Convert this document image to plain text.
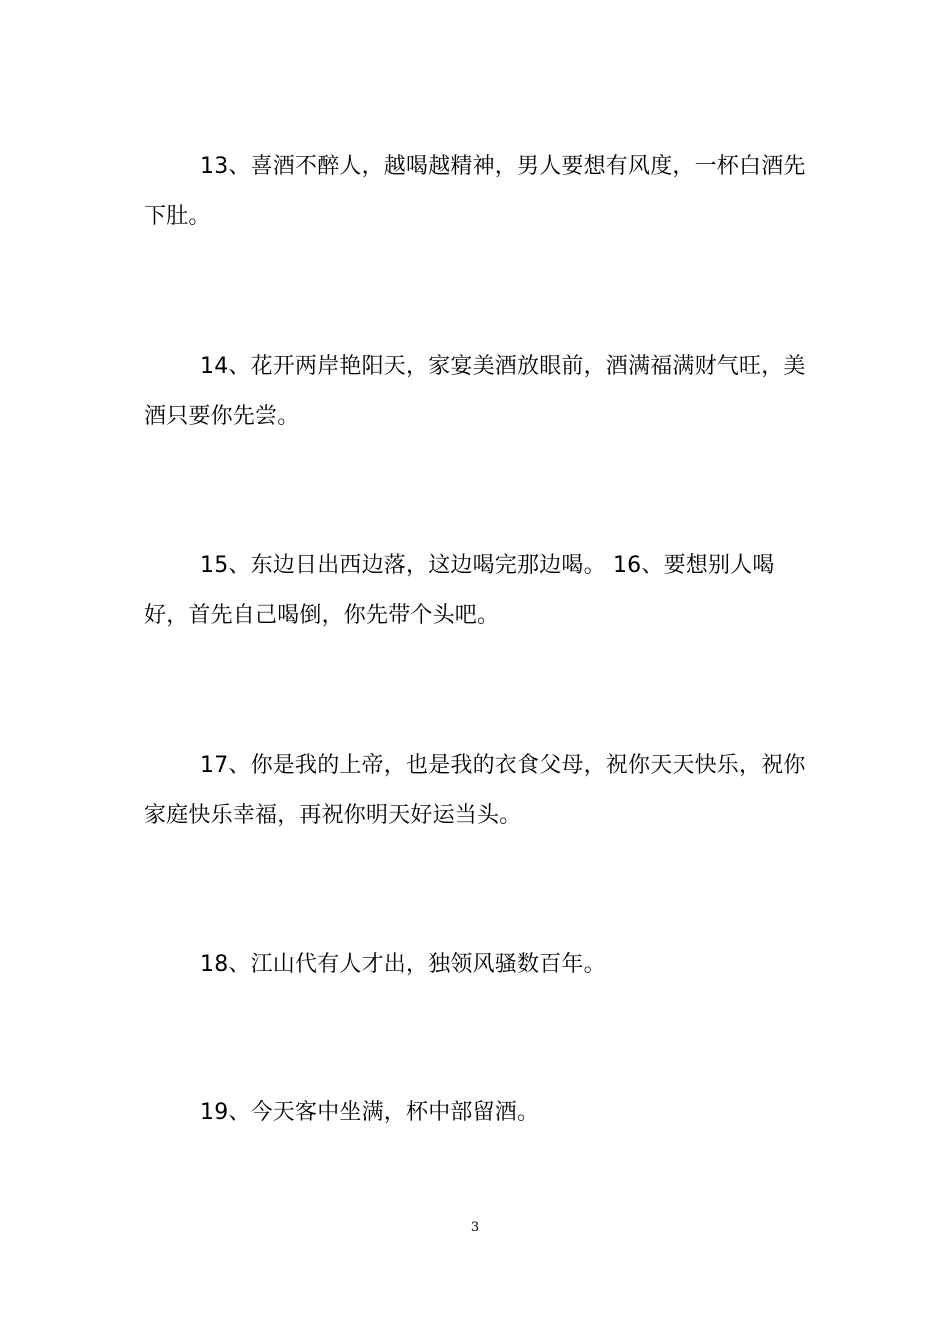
13、喜酒不醉人，越喝越精神，男人要想有风度，一杯白酒先下肚。

14、花开两岸艳阳天，家宴美酒放眼前，酒满福满财气旺，美酒只要你先尝。

15、东边日出西边落，这边喝完那边喝。 16、要想别人喝好，首先自己喝倒，你先带个头吧。

17、你是我的上帝，也是我的衣食父母，祝你天天快乐，祝你家庭快乐幸福，再祝你明天好运当头。

18、江山代有人才出，独领风骚数百年。

19、今天客中坐满，杯中部留酒。

3
